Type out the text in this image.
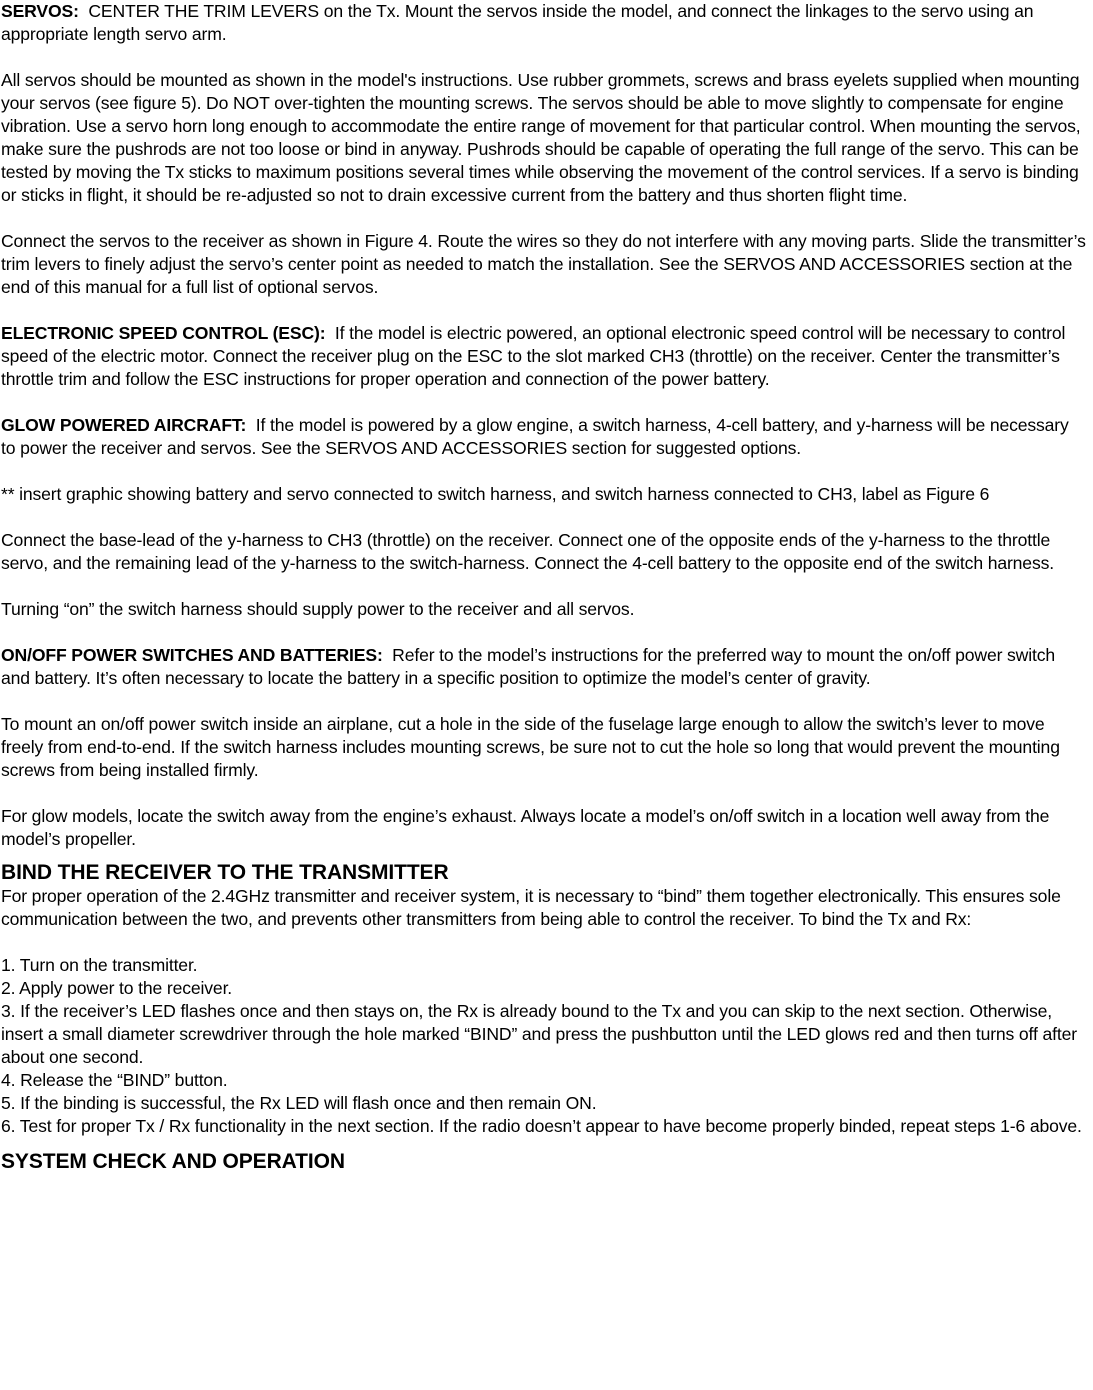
SERVOS: CENTER THE TRIM LEVERS on the Tx. Mount the servos inside the model, and connect the linkages to the servo using an appropriate length servo arm.

All servos should be mounted as shown in the model's instructions. Use rubber grommets, screws and brass eyelets supplied when mounting your servos (see figure 5). Do NOT over-tighten the mounting screws. The servos should be able to move slightly to compensate for engine vibration. Use a servo horn long enough to accommodate the entire range of movement for that particular control. When mounting the servos, make sure the pushrods are not too loose or bind in anyway. Pushrods should be capable of operating the full range of the servo. This can be tested by moving the Tx sticks to maximum positions several times while observing the movement of the control services. If a servo is binding or sticks in flight, it should be re-adjusted so not to drain excessive current from the battery and thus shorten flight time.

Connect the servos to the receiver as shown in Figure 4. Route the wires so they do not interfere with any moving parts. Slide the transmitter’s trim levers to finely adjust the servo’s center point as needed to match the installation. See the SERVOS AND ACCESSORIES section at the end of this manual for a full list of optional servos.

ELECTRONIC SPEED CONTROL (ESC): If the model is electric powered, an optional electronic speed control will be necessary to control speed of the electric motor. Connect the receiver plug on the ESC to the slot marked CH3 (throttle) on the receiver. Center the transmitter’s throttle trim and follow the ESC instructions for proper operation and connection of the power battery.

GLOW POWERED AIRCRAFT: If the model is powered by a glow engine, a switch harness, 4-cell battery, and y-harness will be necessary to power the receiver and servos. See the SERVOS AND ACCESSORIES section for suggested options.

** insert graphic showing battery and servo connected to switch harness, and switch harness connected to CH3, label as Figure 6

Connect the base-lead of the y-harness to CH3 (throttle) on the receiver. Connect one of the opposite ends of the y-harness to the throttle servo, and the remaining lead of the y-harness to the switch-harness. Connect the 4-cell battery to the opposite end of the switch harness.

Turning “on” the switch harness should supply power to the receiver and all servos.

ON/OFF POWER SWITCHES AND BATTERIES: Refer to the model’s instructions for the preferred way to mount the on/off power switch and battery. It’s often necessary to locate the battery in a specific position to optimize the model’s center of gravity.

To mount an on/off power switch inside an airplane, cut a hole in the side of the fuselage large enough to allow the switch’s lever to move freely from end-to-end. If the switch harness includes mounting screws, be sure not to cut the hole so long that would prevent the mounting screws from being installed firmly.

For glow models, locate the switch away from the engine’s exhaust. Always locate a model’s on/off switch in a location well away from the model’s propeller.

BIND THE RECEIVER TO THE TRANSMITTER

For proper operation of the 2.4GHz transmitter and receiver system, it is necessary to “bind” them together electronically. This ensures sole communication between the two, and prevents other transmitters from being able to control the receiver. To bind the Tx and Rx:

1. Turn on the transmitter.
2. Apply power to the receiver.
3. If the receiver’s LED flashes once and then stays on, the Rx is already bound to the Tx and you can skip to the next section. Otherwise, insert a small diameter screwdriver through the hole marked “BIND” and press the pushbutton until the LED glows red and then turns off after about one second.
4. Release the “BIND” button.
5. If the binding is successful, the Rx LED will flash once and then remain ON.
6. Test for proper Tx / Rx functionality in the next section. If the radio doesn’t appear to have become properly binded, repeat steps 1-6 above.
SYSTEM CHECK AND OPERATION
